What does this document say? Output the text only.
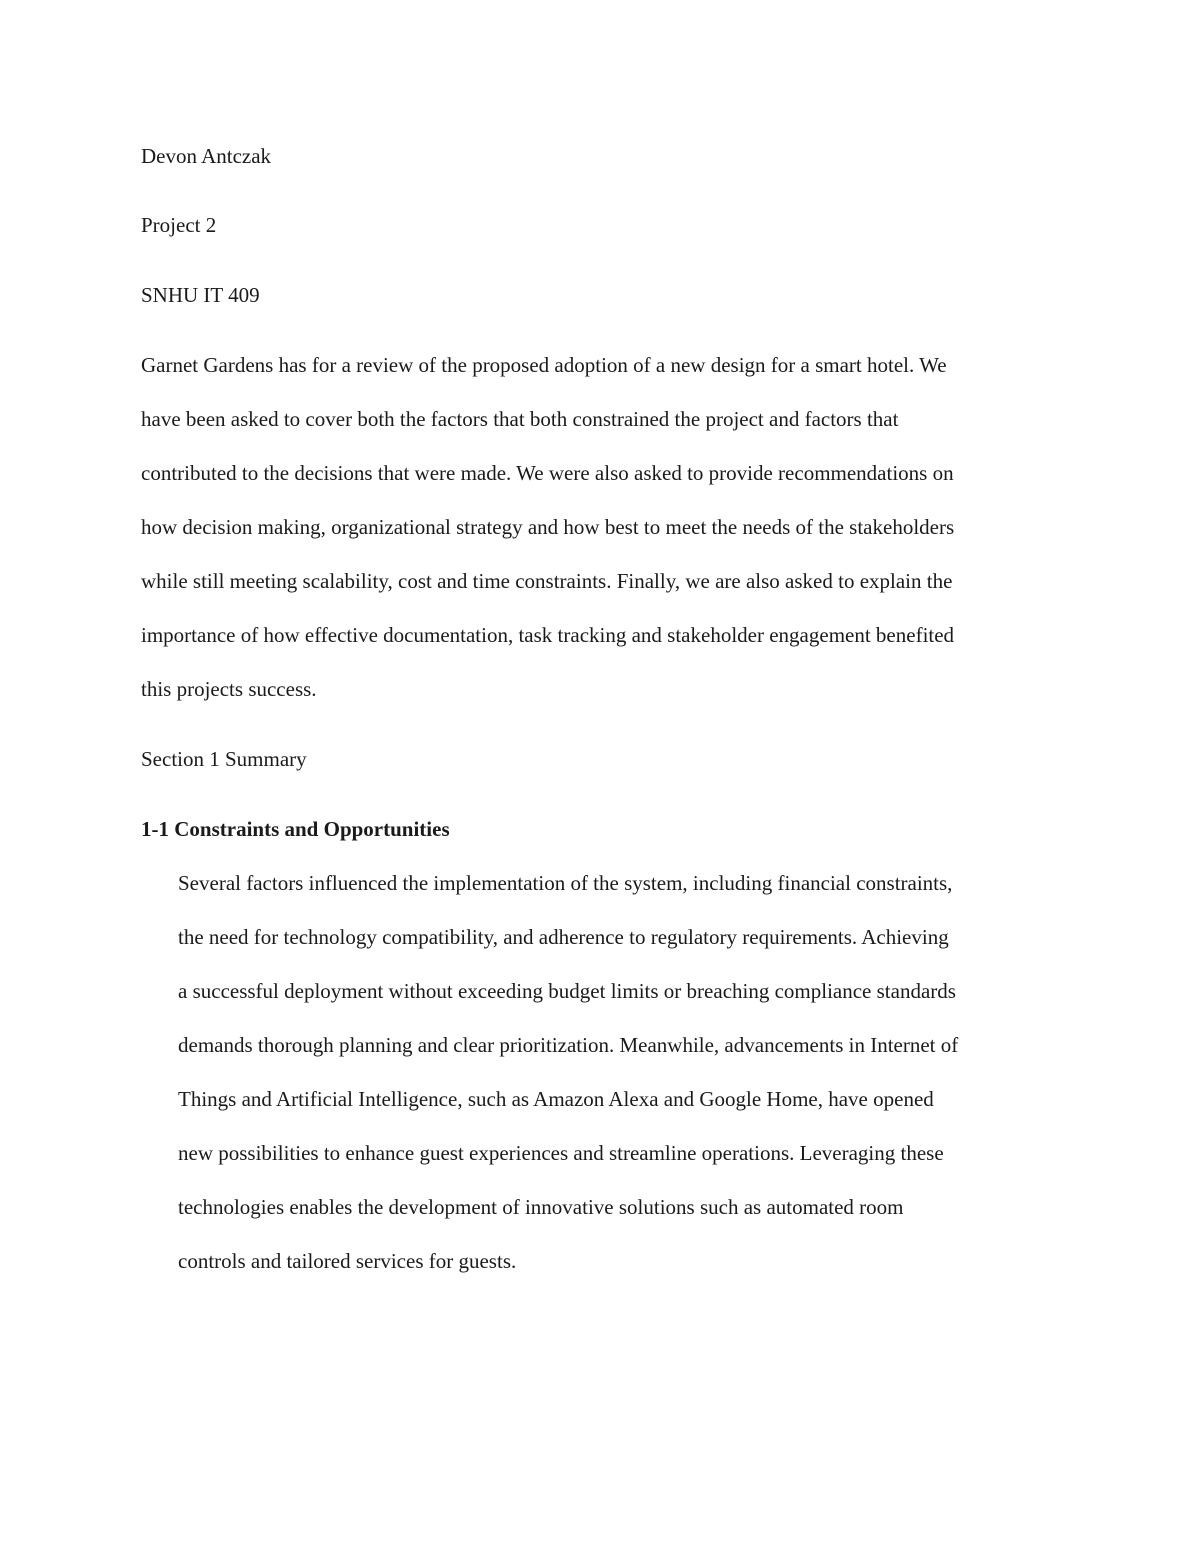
Devon Antczak
Project 2
SNHU IT 409
Garnet Gardens has for a review of the proposed adoption of a new design for a smart hotel. We
have been asked to cover both the factors that both constrained the project and factors that
contributed to the decisions that were made. We were also asked to provide recommendations on
how decision making, organizational strategy and how best to meet the needs of the stakeholders
while still meeting scalability, cost and time constraints. Finally, we are also asked to explain the
importance of how effective documentation, task tracking and stakeholder engagement benefited
this projects success.
Section 1 Summary
1-1 Constraints and Opportunities
Several factors influenced the implementation of the system, including financial constraints,
the need for technology compatibility, and adherence to regulatory requirements. Achieving
a successful deployment without exceeding budget limits or breaching compliance standards
demands thorough planning and clear prioritization. Meanwhile, advancements in Internet of
Things and Artificial Intelligence, such as Amazon Alexa and Google Home, have opened
new possibilities to enhance guest experiences and streamline operations. Leveraging these
technologies enables the development of innovative solutions such as automated room
controls and tailored services for guests.
